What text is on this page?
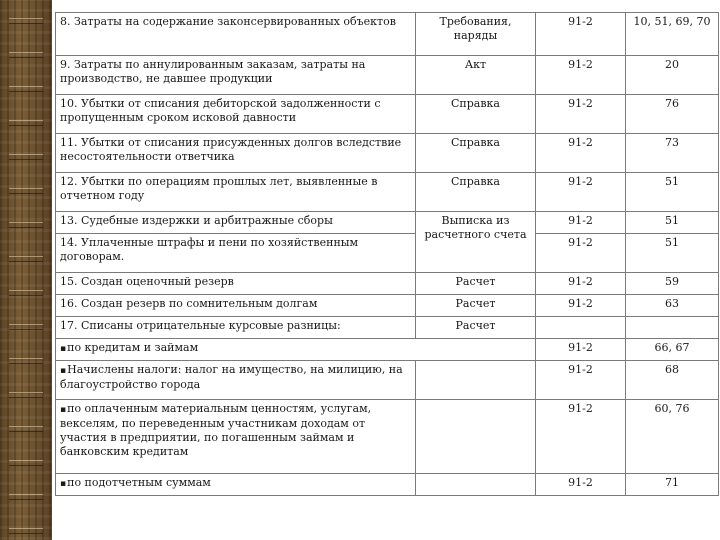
8. Затраты на содержание законсервированных объектов	Требования, наряды	91-2	10, 51, 69, 70
9. Затраты по аннулированным заказам, затраты на производство, не давшее продукции	Акт	91-2	20
10. Убытки от списания дебиторской задолженности с пропущенным сроком исковой давности	Справка	91-2	76
11. Убытки от списания присужденных долгов вследствие несостоятельности ответчика	Справка	91-2	73
12. Убытки по операциям прошлых лет, выявленные в отчетном году	Справка	91-2	51
13. Судебные издержки и арбитражные сборы	Выписка из расчетного счета	91-2	51
14. Уплаченные штрафы и пени по хозяйственным договорам.		91-2	51
15. Создан оценочный резерв	Расчет	91-2	59
16. Создан резерв по сомнительным долгам	Расчет	91-2	63
17. Списаны отрицательные курсовые разницы:	Расчет		
▪ по кредитам и займам		91-2	66, 67
▪ Начислены налоги: налог на имущество, на милицию, на благоустройство города		91-2	68
▪ по оплаченным материальным ценностям, услугам, векселям, по переведенным участникам доходам от участия в предприятии, по погашенным займам и банковским кредитам		91-2	60, 76
▪ по подотчетным суммам		91-2	71
